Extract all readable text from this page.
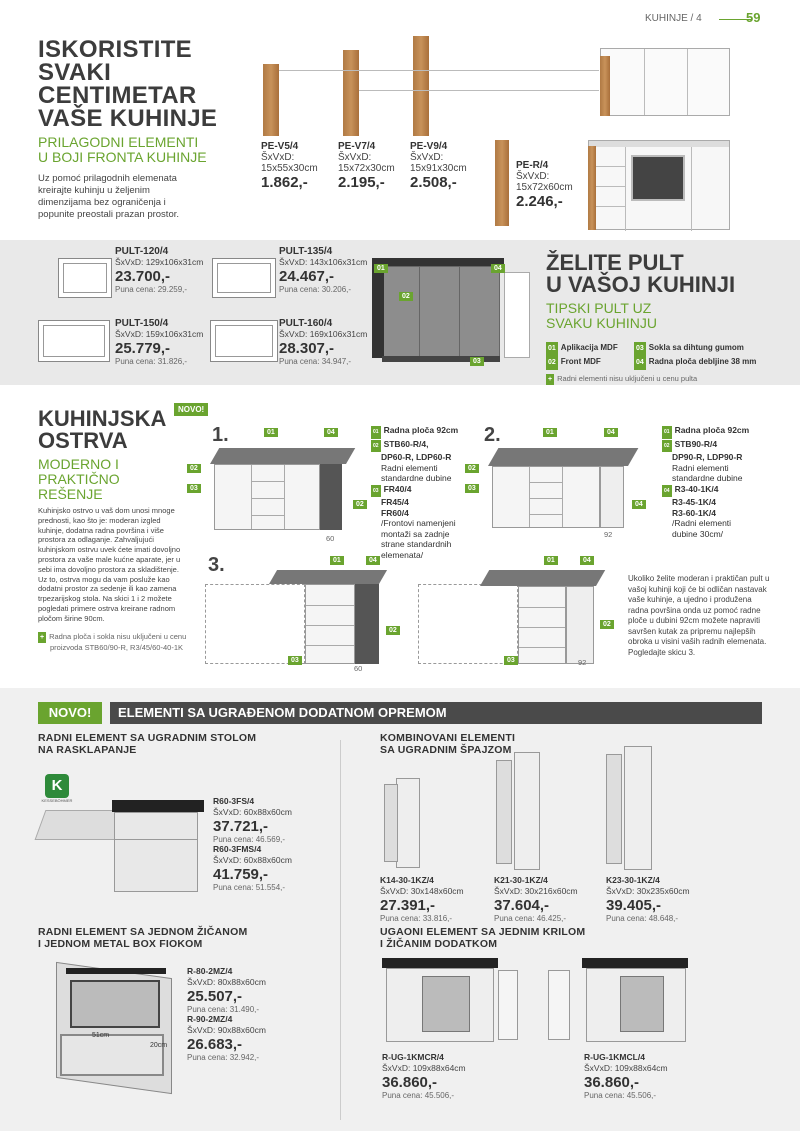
KUHINJE / 4	59
ISKORISTITE
SVAKI
CENTIMETAR
VAŠE KUHINJE
PRILAGODNI ELEMENTI
U BOJI FRONTA KUHINJE
Uz pomoć prilagodnih elemenata
kreirajte kuhinju u željenim
dimenzijama bez ograničenja i
popunite preostali prazan prostor.
PE-V5/4
ŠxVxD:
15x55x30cm
1.862,-
PE-V7/4
ŠxVxD:
15x72x30cm
2.195,-
PE-V9/4
ŠxVxD:
15x91x30cm
2.508,-
PE-R/4
ŠxVxD:
15x72x60cm
2.246,-
PULT-120/4
ŠxVxD: 129x106x31cm
23.700,-
Puna cena: 29.259,-
PULT-135/4
ŠxVxD: 143x106x31cm
24.467,-
Puna cena: 30.206,-
PULT-150/4
ŠxVxD: 159x106x31cm
25.779,-
Puna cena: 31.826,-
PULT-160/4
ŠxVxD: 169x106x31cm
28.307,-
Puna cena: 34.947,-
01
02
03
04 ŽELITE PULT
U VAŠOJ KUHINJI
TIPSKI PULT UZ
SVAKU KUHINJU
01 Aplikacija MDF
02 Front MDF
03 Sokla sa dihtung gumom
04 Radna ploča debljine 38 mm
+ Radni elementi nisu uključeni u cenu pulta
NOVO!
KUHINJSKA
OSTRVA
MODERNO I
PRAKTIČNO
REŠENJE
Kuhinjsko ostrvo u vaš dom unosi mnoge
prednosti, kao što je: moderan izgled
kuhinje, dodatna radna površina i više
prostora za odlaganje. Zahvaljujući
kuhinjskom ostrvu uvek ćete imati dovoljno
prostora za vaše male kućne aparate, jer u
sebi ima dovoljno prostora za skladištenje.
Uz to, ostrva mogu da vam posluže kao
dodatni prostor za sedenje ili kao zamena
trpezarijskog stola. Na skici 1 i 2 možete
pogledati primere ostrva kreirane radnom
pločom širine 90cm.
+ Radna ploča i sokla nisu uključeni u cenu
proizvoda STB60/90-R, R3/45/60-40-1K
1.
60
01	04
02
03
02
01 Radna ploča 92cm
02 STB60-R/4,
DP60-R, LDP60-R
Radni elementi
standardne dubine
03 FR40/4
FR45/4
FR60/4
/Frontovi namenjeni
montaži sa zadnje
strane standardnih
elemenata/
2.
92
01	04
02
03
04
01 Radna ploča 92cm
02 STB90-R/4
DP90-R, LDP90-R
Radni elementi
standardne dubine
04 R3-40-1K/4
R3-45-1K/4
R3-60-1K/4
/Radni elementi
dubine 30cm/
3.
60
01	04
02
03	92
01	04
02
03
Ukoliko želite moderan i praktičan pult u
vašoj kuhinji koji će bi odličan nastavak
vaše kuhinje, a ujedno i produžena
radna površina onda uz pomoć radne
ploče u dubini 92cm možete napraviti
savršen kutak za pripremu najlepših
obroka u visini vaših radnih elemenata.
Pogledajte skicu 3.
NOVO!	ELEMENTI SA UGRAĐENOM DODATNOM OPREMOM
RADNI ELEMENT SA UGRADNIM STOLOM
NA RASKLAPANJE
K
KESSEBÖHMER	R60-3FS/4
ŠxVxD: 60x88x60cm
37.721,-
Puna cena: 46.569,-
R60-3FMS/4
ŠxVxD: 60x88x60cm
41.759,-
Puna cena: 51.554,-
KOMBINOVANI ELEMENTI
SA UGRADNIM ŠPAJZOM
K14-30-1KZ/4
ŠxVxD: 30x148x60cm
27.391,-
Puna cena: 33.816,-
K21-30-1KZ/4
ŠxVxD: 30x216x60cm
37.604,-
Puna cena: 46.425,-
K23-30-1KZ/4
ŠxVxD: 30x235x60cm
39.405,-
Puna cena: 48.648,-
RADNI ELEMENT SA JEDNOM ŽIČANOM
I JEDNOM METAL BOX FIOKOM
51cm
20cm
R-80-2MZ/4
ŠxVxD: 80x88x60cm
25.507,-
Puna cena: 31.490,-
R-90-2MZ/4
ŠxVxD: 90x88x60cm
26.683,-
Puna cena: 32.942,-
UGAONI ELEMENT SA JEDNIM KRILOM
I ŽIČANIM DODATKOM
R-UG-1KMCR/4
ŠxVxD: 109x88x64cm
36.860,-
Puna cena: 45.506,-
R-UG-1KMCL/4
ŠxVxD: 109x88x64cm
36.860,-
Puna cena: 45.506,-
